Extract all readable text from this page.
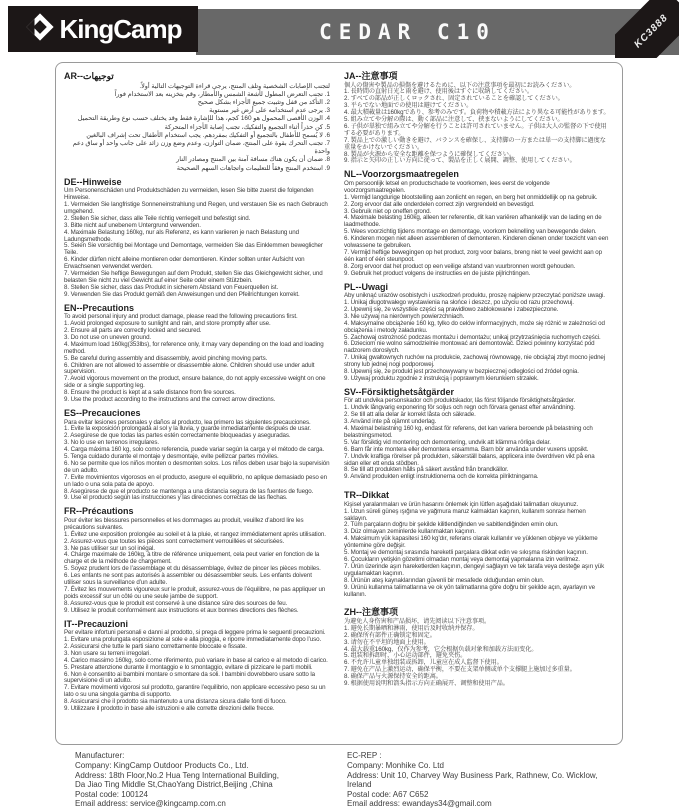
KingCamp	CEDAR C10	KC3888
AR--توجيهات
لتجنب الإصابات الشخصية وتلف المنتج، يرجى قراءة التوجيهات التالية أولاً.
1. تجنب التعرض المطول لأشعة الشمس والأمطار، وقم بتخزينه بعد الاستخدام فوراً
2. التأكد من قفل وتثبيت جميع الأجزاء بشكل صحيح
3. يرجى عدم استخدامه على أرض غير مستوية
4. الوزن الأقصى المحمول هو 160 كجم، هذا للإشارة فقط وقد يختلف حسب نوع وطريقة التحميل
5. كن حذراً أثناء التجميع والتفكيك، تجنب إصابة الأجزاء المتحركة
6. لا يُسمح للأطفال بالتجميع أو التفكيك بمفردهم. يجب استخدام الأطفال تحت إشراف البالغين
7. تجنب التحرك بقوة على المنتج، ضمان التوازن، وعدم وضع وزن زائد على جانب واحد أو ساق دعم واحدة
8. ضمان أن يكون هناك مسافة آمنة بين المنتج ومصادر النار
9. استخدم المنتج وفقاً للتعليمات واتجاهات السهم الصحيحة
DE--Hinweise
Um Personenschäden und Produktschäden zu vermeiden, lesen Sie bitte zuerst die folgenden Hinweise.
1. Vermeiden Sie langfristige Sonneneinstrahlung und Regen, und verstauen Sie es nach Gebrauch umgehend.
2. Stellen Sie sicher, dass alle Teile richtig verriegelt und befestigt sind.
3. Bitte nicht auf unebenem Untergrund verwenden.
4. Maximale Belastung 160kg, nur als Referenz, es kann variieren je nach Belastung und Ladungsmethode.
5. Seien Sie vorsichtig bei Montage und Demontage, vermeiden Sie das Einklemmen beweglicher Teile.
6. Kinder dürfen nicht alleine montieren oder demontieren. Kinder sollten unter Aufsicht von Erwachsenen verwendet werden.
7. Vermeiden Sie heftige Bewegungen auf dem Produkt, stellen Sie das Gleichgewicht sicher, und belasten Sie nicht zu viel Gewicht auf einer Seite oder einem Stützbein.
8. Stellen Sie sicher, dass das Produkt in sicherem Abstand von Feuerquellen ist.
9. Verwenden Sie das Produkt gemäß den Anweisungen und den Pfeilrichtungen korrekt.
EN--Precautions
To avoid personal injury and product damage, please read the following precautions first.
1. Avoid prolonged exposure to sunlight and rain, and store promptly after use.
2. Ensure all parts are correctly locked and secured.
3. Do not use on uneven ground.
4. Maximum load 160kg(353lbs), for reference only, it may vary depending on the load and loading method.
5. Be careful during assembly and disassembly, avoid pinching moving parts.
6. Children are not allowed to assemble or disassemble alone. Children should use under adult supervision.
7. Avoid vigorous movement on the product, ensure balance, do not apply excessive weight on one side or a single supporting leg.
8. Ensure the product is kept at a safe distance from fire sources.
9. Use the product according to the instructions and the correct arrow directions.
ES--Precauciones
Para evitar lesiones personales y daños al producto, lea primero las siguientes precauciones.
1. Evite la exposición prolongada al sol y la lluvia, y guarde inmediatamente después de usar.
2. Asegúrese de que todas las partes estén correctamente bloqueadas y aseguradas.
3. No lo use en terrenos irregulares.
4. Carga máxima 160 kg, solo como referencia, puede variar según la carga y el método de carga.
5. Tenga cuidado durante el montaje y desmontaje, evite pellizcar partes móviles.
6. No se permite que los niños monten o desmonten solos. Los niños deben usar bajo la supervisión de un adulto.
7. Evite movimientos vigorosos en el producto, asegure el equilibrio, no aplique demasiado peso en un lado o una sola pata de apoyo.
8. Asegúrese de que el producto se mantenga a una distancia segura de las fuentes de fuego.
9. Use el producto según las instrucciones y las direcciones correctas de las flechas.
FR--Précautions
Pour éviter les blessures personnelles et les dommages au produit, veuillez d’abord lire les précautions suivantes.
1. Évitez une exposition prolongée au soleil et à la pluie, et rangez immédiatement après utilisation.
2. Assurez-vous que toutes les pièces sont correctement verrouillées et sécurisées.
3. Ne pas utiliser sur un sol inégal.
4. Charge maximale de 160kg, à titre de référence uniquement, cela peut varier en fonction de la charge et de la méthode de chargement.
5. Soyez prudent lors de l’assemblage et du désassemblage, évitez de pincer les pièces mobiles.
6. Les enfants ne sont pas autorisés à assembler ou désassembler seuls. Les enfants doivent utiliser sous la surveillance d’un adulte.
7. Évitez les mouvements vigoureux sur le produit, assurez-vous de l’équilibre, ne pas appliquer un poids excessif sur un côté ou une seule jambe de support.
8. Assurez-vous que le produit est conservé à une distance sûre des sources de feu.
9. Utilisez le produit conformément aux instructions et aux bonnes directions des flèches.
IT--Precauzioni
Per evitare infortuni personali e danni al prodotto, si prega di leggere prima le seguenti precauzioni.
1. Evitare una prolungata esposizione al sole e alla pioggia, e riporre immediatamente dopo l’uso.
2. Assicurarsi che tutte le parti siano correttamente bloccate e fissate.
3. Non usare su terreni irregolari.
4. Carico massimo 160kg, solo come riferimento, può variare in base al carico e al metodo di carico.
5. Prestare attenzione durante il montaggio e lo smontaggio, evitare di pizzicare le parti mobili.
6. Non è consentito ai bambini montare o smontare da soli. I bambini dovrebbero usare sotto la supervisione di un adulto.
7. Evitare movimenti vigorosi sul prodotto, garantire l’equilibrio, non applicare eccessivo peso su un lato o su una singola gamba di supporto.
8. Assicurarsi che il prodotto sia mantenuto a una distanza sicura dalle fonti di fuoco.
9. Utilizzare il prodotto in base alle istruzioni e alle corrette direzioni delle frecce.
JA--注意事項
個人の傷害や製品の損傷を避けるために、以下の注意事項を最初にお読みください。
1. 長時間の直射日光と雨を避け、使用後はすぐに収納してください。
2. すべての部品が正しくロックされ、固定されていることを確認してください。
3. 平らでない地面での使用は避けてください。
4. 最大積載量は160kgであり、参考のみです。負荷物や積載方法により異なる可能性があります。
5. 組み立てや分解の際は、動く部品に注意して、挟まないようにしてください。
6. 子供が単独で組み立てや分解を行うことは許可されていません。子供は大人の監督の下で使用する必要があります。
7. 製品上での激しい動きを避け、バランスを確保し、支持脚の一方または単一の支持脚に過度な重量をかけないでください。
8. 製品が火源から安全な距離を保つように確保してください。
9. 指示と矢印の正しい方向に従って、製品を正しく展開、調整、使用してください。
NL--Voorzorgsmaatregelen
Om persoonlijk letsel en productschade te voorkomen, lees eerst de volgende voorzorgsmaatregelen.
1. Vermijd langdurige blootstelling aan zonlicht en regen, en berg het onmiddellijk op na gebruik.
2. Zorg ervoor dat alle onderdelen correct zijn vergrendeld en bevestigd.
3. Gebruik niet op oneffen grond.
4. Maximale belasting 160kg, alleen ter referentie, dit kan variëren afhankelijk van de lading en de laadmethode.
5. Wees voorzichtig tijdens montage en demontage, voorkom beknelling van bewegende delen.
6. Kinderen mogen niet alleen assembleren of demonteren. Kinderen dienen onder toezicht van een volwassene te gebruiken.
7. Vermijd heftige bewegingen op het product, zorg voor balans, breng niet te veel gewicht aan op één kant of één steunpoot.
8. Zorg ervoor dat het product op een veilige afstand van vuurbronnen wordt gehouden.
9. Gebruik het product volgens de instructies en de juiste pijlrichtingen.
PL--Uwagi
Aby uniknąć urazów osobistych i uszkodzeń produktu, proszę najpierw przeczytać poniższe uwagi.
1. Unikaj długotrwałego wystawienia na słońce i deszcz, po użyciu od razu przechowuj.
2. Upewnij się, że wszystkie części są prawidłowo zablokowane i zabezpieczone.
3. Nie używaj na nierównych powierzchniach.
4. Maksymalne obciążenie 160 kg, tylko do celów informacyjnych, może się różnić w zależności od obciążenia i metody załadunku.
5. Zachowaj ostrożność podczas montażu i demontażu; unikaj przytrzaśnięcia ruchomych części.
6. Dzieciom nie wolno samodzielnie montować ani demontować. Dzieci powinny korzystać pod nadzorem dorosłych.
7. Unikaj gwałtownych ruchów na produkcie, zachowaj równowagę, nie obciążaj zbyt mocno jednej strony lub jednej nogi podporowej.
8. Upewnij się, że produkt jest przechowywany w bezpiecznej odległości od źródeł ognia.
9. Używaj produktu zgodnie z instrukcją i poprawnym kierunkiem strzałek.
SV--Försiktighetsåtgärder
För att undvika personskador och produktskador, läs först följande försiktighetsåtgärder.
1. Undvik långvarig exponering för soljus och regn och förvara genast efter användning.
2. Se till att alla delar är korrekt låsta och säkrade.
3. Använd inte på ojämnt underlag.
4. Maximal belastning 160 kg, endast för referens, det kan variera beroende på belastning och belastningsmetod.
5. Var försiktig vid montering och demontering, undvik att klämma rörliga delar.
6. Barn får inte montera eller demontera ensamma. Barn bör använda under vuxens uppsikt.
7. Undvik kraftiga rörelser på produkten, säkerställ balans, applicera inte överdriven vikt på ena sidan eller ett enda stödben.
8. Se till att produkten hålls på säkert avstånd från brandkällor.
9. Använd produkten enligt instruktionerna och de korrekta pilriktningarna.
TR--Dikkat
Kişisel yaralanmaları ve ürün hasarını önlemek için lütfen aşağıdaki talimatları okuyunuz.
1. Uzun süreli güneş ışığına ve yağmura maruz kalmaktan kaçının, kullanım sonrası hemen saklayın.
2. Tüm parçaların doğru bir şekilde kilitlendiğinden ve sabitlendiğinden emin olun.
3. Düz olmayan zeminlerde kullanmaktan kaçının.
4. Maksimum yük kapasitesi 160 kg’dır, referans olarak kullanılır ve yüklenen objeye ve yükleme yöntemine göre değişir.
5. Montaj ve demontaj sırasında hareketli parçalara dikkat edin ve sıkışma riskinden kaçının.
6. Çocukların yetişkin gözetimi olmadan montaj veya demontaj yapmalarına izin verilmez.
7. Ürün üzerinde aşırı hareketlerden kaçının, dengeyi sağlayın ve tek tarafa veya desteğe aşırı yük uygulamaktan kaçının.
8. Ürünün ateş kaynaklarından güvenli bir mesafede olduğundan emin olun.
9. Ürünü kullanma talimatlarına ve ok yön talimatlarına göre doğru bir şekilde açın, ayarlayın ve kullanın.
ZH--注意事项
为避免人身伤害和产品损坏，请先阅读以下注意事项。
1. 避免长期暴晒和淋雨，使用后及时收纳并保存。
2. 确保所有部件正确锁定和固定。
3. 请勿在不平坦的地面上使用。
4. 最大载重160kg，仅作为参考，它会根据负载对象和加载方法而变化。
5. 组装和拆卸时，小心运动部件，避免夹伤。
6. 不允许儿童单独组装或拆卸，儿童应在成人监督下使用。
7. 避免在产品上激烈运动，确保平衡，不要在支架单侧或单个支撑腿上施加过多重量。
8. 确保产品与火源保持安全的距离。
9. 根据使用说明和箭头指示方向正确展开、调整和使用产品。
Manufacturer:
Company: KingCamp Outdoor Products Co., Ltd.
Address: 18th Floor,No.2 Hua Teng International Building,
Da Jiao Ting Middle St,ChaoYang District,Beijing ,China
Postal code: 100124
Email address: service@kingcamp.com.cn
EC-REP :
Company: Monhike Co. Ltd
Address: Unit 10, Charvey Way Business Park, Rathnew, Co. Wicklow,
Ireland
Postal code: A67 C652
Email address: ewandays34@gmail.com
